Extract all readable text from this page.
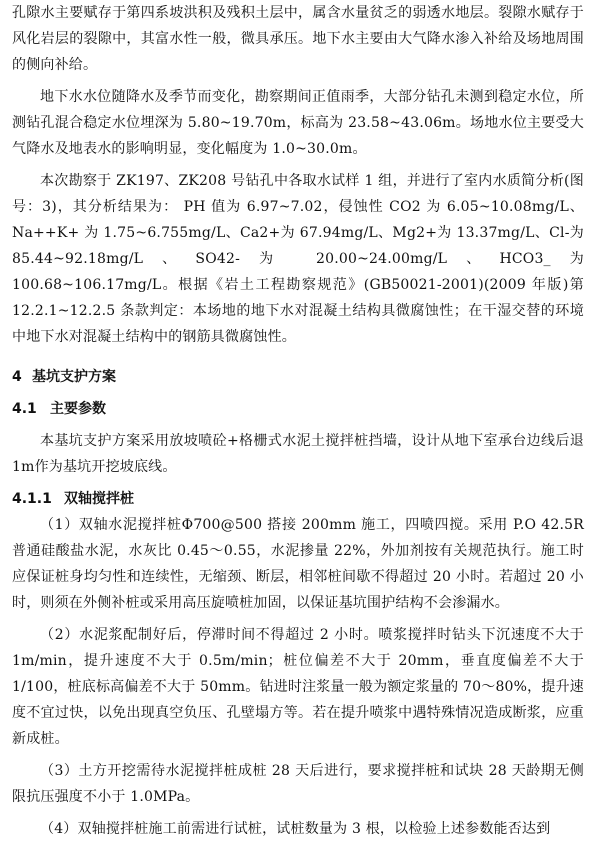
孔隙水主要赋存于第四系坡洪积及残积土层中，属含水量贫乏的弱透水地层。裂隙水赋存于风化岩层的裂隙中，其富水性一般，微具承压。地下水主要由大气降水渗入补给及场地周围的侧向补给。

地下水水位随降水及季节而变化，勘察期间正值雨季，大部分钻孔未测到稳定水位，所测钻孔混合稳定水位埋深为 5.80~19.70m，标高为 23.58~43.06m。场地水位主要受大气降水及地表水的影响明显，变化幅度为 1.0~30.0m。

本次勘察于 ZK197、ZK208 号钻孔中各取水试样 1 组，并进行了室内水质简分析(图号：3)，其分析结果为： PH 值为 6.97~7.02，侵蚀性 CO2 为 6.05~10.08mg/L、Na++K+ 为 1.75~6.755mg/L、Ca2+为 67.94mg/L、Mg2+为 13.37mg/L、Cl-为 85.44~92.18mg/L、SO42-为 20.00~24.00mg/L、HCO3_为 100.68~106.17mg/L。根据《岩土工程勘察规范》(GB50021-2001)(2009 年版)第 12.2.1~12.2.5 条款判定：本场地的地下水对混凝土结构具微腐蚀性；在干湿交替的环境中地下水对混凝土结构中的钢筋具微腐蚀性。

4 基坑支护方案
4.1 主要参数

本基坑支护方案采用放坡喷砼+格栅式水泥土搅拌桩挡墙，设计从地下室承台边线后退1m作为基坑开挖坡底线。

4.1.1 双轴搅拌桩

（1）双轴水泥搅拌桩Φ700@500 搭接 200mm 施工，四喷四搅。采用 P.O 42.5R 普通硅酸盐水泥，水灰比 0.45～0.55，水泥掺量 22%，外加剂按有关规范执行。施工时应保证桩身均匀性和连续性，无缩颈、断层，相邻桩间歇不得超过 20 小时。若超过 20 小时，则须在外侧补桩或采用高压旋喷桩加固，以保证基坑围护结构不会渗漏水。

（2）水泥浆配制好后，停滞时间不得超过 2 小时。喷浆搅拌时钻头下沉速度不大于 1m/min，提升速度不大于 0.5m/min；桩位偏差不大于 20mm，垂直度偏差不大于 1/100，桩底标高偏差不大于 50mm。钻进时注浆量一般为额定浆量的 70～80%，提升速度不宜过快，以免出现真空负压、孔壁塌方等。若在提升喷浆中遇特殊情况造成断浆，应重新成桩。

（3）土方开挖需待水泥搅拌桩成桩 28 天后进行，要求搅拌桩和试块 28 天龄期无侧限抗压强度不小于 1.0MPa。

（4）双轴搅拌桩施工前需进行试桩，试桩数量为 3 根，以检验上述参数能否达到
